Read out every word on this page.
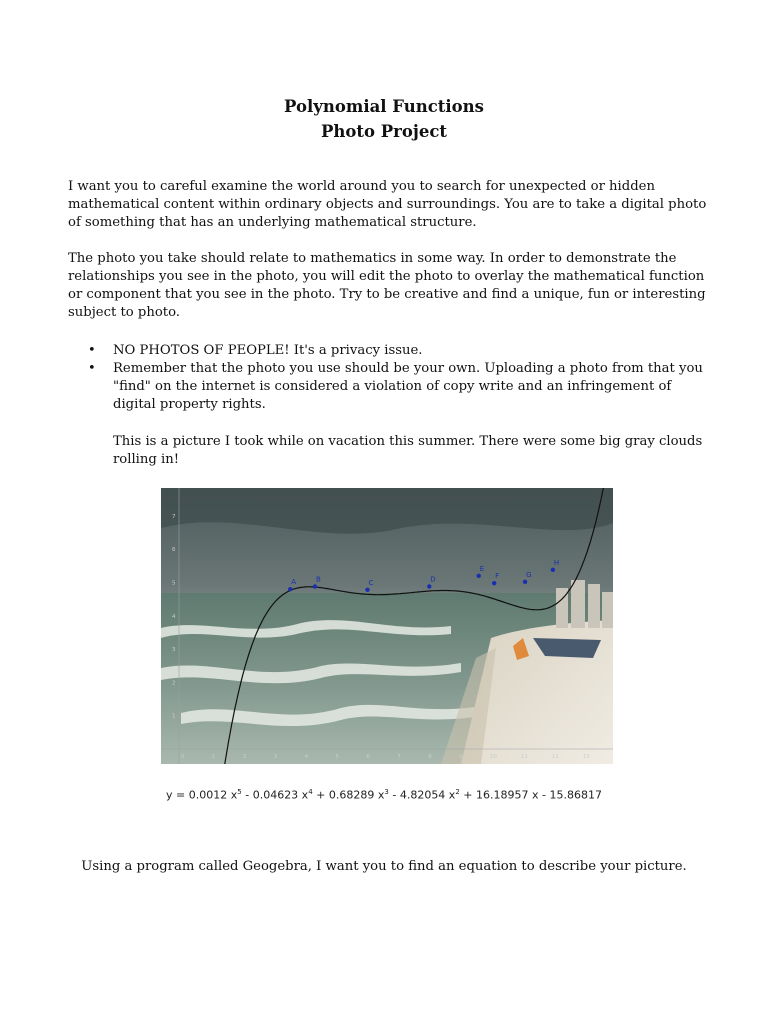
Polynomial Functions
Photo Project

I want you to careful examine the world around you to search for unexpected or hidden mathematical content within ordinary objects and surroundings. You are to take a digital photo of something that has an underlying mathematical structure.

The photo you take should relate to mathematics in some way. In order to demonstrate the relationships you see in the photo, you will edit the photo to overlay the mathematical function or component that you see in the photo. Try to be creative and find a unique, fun or interesting subject to photo.

• NO PHOTOS OF PEOPLE! It's a privacy issue.
• Remember that the photo you use should be your own. Uploading a photo from that you "find" on the internet is considered a violation of copy write and an infringement of digital property rights.

This is a picture I took while on vacation this summer. There were some big gray clouds rolling in!

0	1	2	3	4	5	6	7	8	9	10	11	12	13
1
2
3
4
5
6
7
A	B	C	D
E
F	G
H
y = 0.0012 $x^5 - 0.04623$ $x^4 + 0.68289$ $x^3 - 4.82054$ $x^2 + 16.18957$ x - 15.86817
Using a program called Geogebra, I want you to find an equation to describe your picture.
